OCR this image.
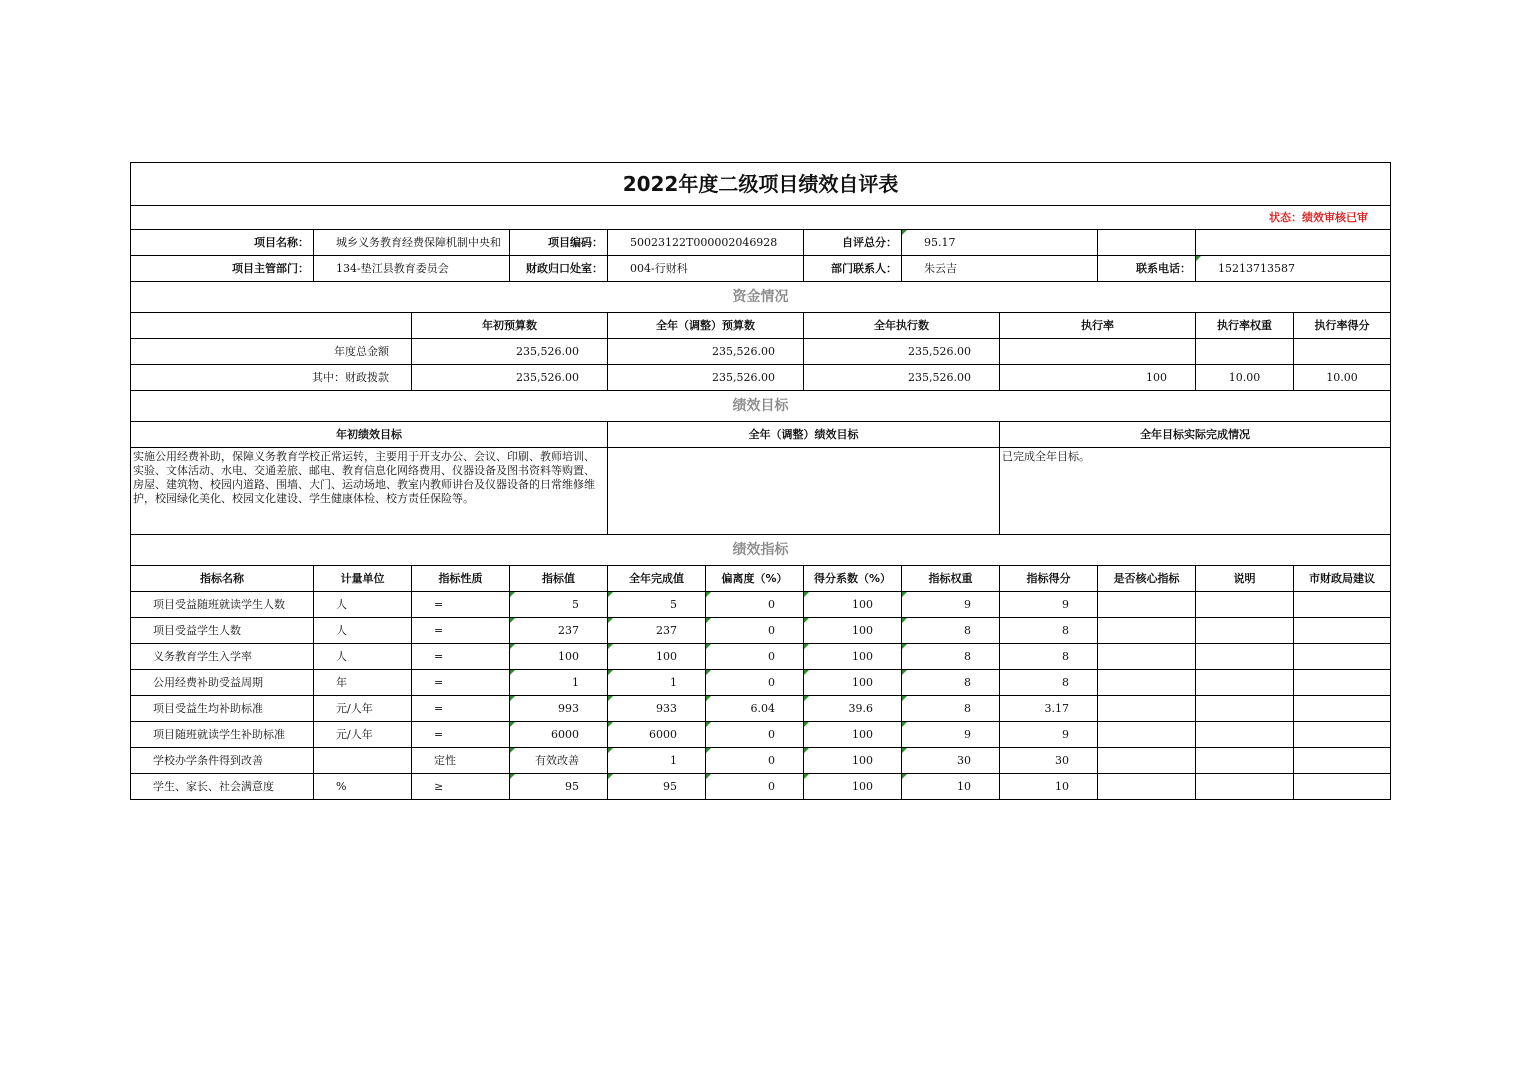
2022年度二级项目绩效自评表											
状态：绩效审核已审											
项目名称：	城乡义务教育经费保障机制中央和		项目编码：	50023122T000002046928		自评总分：	95.17				
项目主管部门：	134-垫江县教育委员会		财政归口处室：	004-行财科		部门联系人：	朱云吉		联系电话：	15213713587	
资金情况											
		年初预算数		全年（调整）预算数		全年执行数		执行率		执行率权重	执行率得分
年度总金额		235,526.00		235,526.00		235,526.00					
其中：财政拨款		235,526.00		235,526.00		235,526.00		100		10.00	10.00
绩效目标											
年初绩效目标				全年（调整）绩效目标				全年目标实际完成情况			
实施公用经费补助，保障义务教育学校正常运转，主要用于开支办公、会议、印刷、教师培训、实验、文体活动、水电、交通差旅、邮电、教育信息化网络费用、仪器设备及图书资料等购置、房屋、建筑物、校园内道路、围墙、大门、运动场地、教室内教师讲台及仪器设备的日常维修维护，校园绿化美化、校园文化建设、学生健康体检、校方责任保险等。								已完成全年目标。			
绩效指标											
指标名称	计量单位	指标性质	指标值	全年完成值	偏离度（%）	得分系数（%）	指标权重	指标得分	是否核心指标	说明	市财政局建议
项目受益随班就读学生人数	人	=	5	5	0	100	9	9			
项目受益学生人数	人	=	237	237	0	100	8	8			
义务教育学生入学率	人	=	100	100	0	100	8	8			
公用经费补助受益周期	年	=	1	1	0	100	8	8			
项目受益生均补助标准	元/人年	=	993	933	6.04	39.6	8	3.17			
项目随班就读学生补助标准	元/人年	=	6000	6000	0	100	9	9			
学校办学条件得到改善		定性	有效改善	1	0	100	30	30			
学生、家长、社会满意度	%	≥	95	95	0	100	10	10			
